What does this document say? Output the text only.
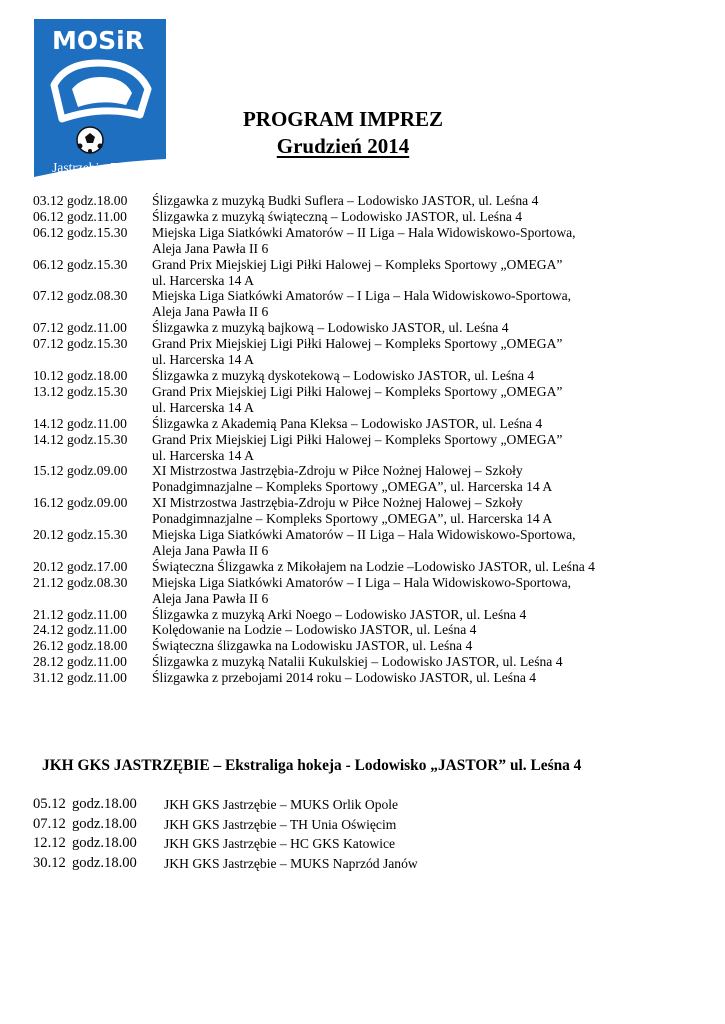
MOSiR
Jastrzębie-Zdrój
PROGRAM IMPREZ
Grudzień 2014
03.12 godz.18.00	Ślizgawka z muzyką Budki Suflera – Lodowisko JASTOR, ul. Leśna 4
06.12 godz.11.00	Ślizgawka z muzyką świąteczną – Lodowisko JASTOR, ul. Leśna 4
06.12 godz.15.30	Miejska Liga Siatkówki Amatorów – II Liga – Hala Widowiskowo-Sportowa,
Aleja Jana Pawła II 6
06.12 godz.15.30	Grand Prix Miejskiej Ligi Piłki Halowej – Kompleks Sportowy „OMEGA”
ul. Harcerska 14 A
07.12 godz.08.30	Miejska Liga Siatkówki Amatorów – I Liga – Hala Widowiskowo-Sportowa,
Aleja Jana Pawła II 6
07.12 godz.11.00	Ślizgawka z muzyką bajkową – Lodowisko JASTOR, ul. Leśna 4
07.12 godz.15.30	Grand Prix Miejskiej Ligi Piłki Halowej – Kompleks Sportowy „OMEGA”
ul. Harcerska 14 A
10.12 godz.18.00	Ślizgawka z muzyką dyskotekową – Lodowisko JASTOR, ul. Leśna 4
13.12 godz.15.30	Grand Prix Miejskiej Ligi Piłki Halowej – Kompleks Sportowy „OMEGA”
ul. Harcerska 14 A
14.12 godz.11.00	Ślizgawka z Akademią Pana Kleksa – Lodowisko JASTOR, ul. Leśna 4
14.12 godz.15.30	Grand Prix Miejskiej Ligi Piłki Halowej – Kompleks Sportowy „OMEGA”
ul. Harcerska 14 A
15.12 godz.09.00	XI Mistrzostwa Jastrzębia-Zdroju w Piłce Nożnej Halowej – Szkoły
Ponadgimnazjalne – Kompleks Sportowy „OMEGA”, ul. Harcerska 14 A
16.12 godz.09.00	XI Mistrzostwa Jastrzębia-Zdroju w Piłce Nożnej Halowej – Szkoły
Ponadgimnazjalne – Kompleks Sportowy „OMEGA”, ul. Harcerska 14 A
20.12 godz.15.30	Miejska Liga Siatkówki Amatorów – II Liga – Hala Widowiskowo-Sportowa,
Aleja Jana Pawła II 6
20.12 godz.17.00	Świąteczna Ślizgawka z Mikołajem na Lodzie –Lodowisko JASTOR, ul. Leśna 4
21.12 godz.08.30	Miejska Liga Siatkówki Amatorów – I Liga – Hala Widowiskowo-Sportowa,
Aleja Jana Pawła II 6
21.12 godz.11.00	Ślizgawka z muzyką Arki Noego – Lodowisko JASTOR, ul. Leśna 4
24.12 godz.11.00	Kolędowanie na Lodzie – Lodowisko JASTOR, ul. Leśna 4
26.12 godz.18.00	Świąteczna ślizgawka na Lodowisku JASTOR, ul. Leśna 4
28.12 godz.11.00	Ślizgawka z muzyką Natalii Kukulskiej – Lodowisko JASTOR, ul. Leśna 4
31.12 godz.11.00	Ślizgawka z przebojami 2014 roku – Lodowisko JASTOR, ul. Leśna 4
JKH GKS JASTRZĘBIE – Ekstraliga hokeja - Lodowisko „JASTOR” ul. Leśna 4
05.12 godz.18.00	JKH GKS Jastrzębie – MUKS Orlik Opole
07.12 godz.18.00	JKH GKS Jastrzębie – TH Unia Oświęcim
12.12 godz.18.00	JKH GKS Jastrzębie – HC GKS Katowice
30.12 godz.18.00	JKH GKS Jastrzębie – MUKS Naprzód Janów
